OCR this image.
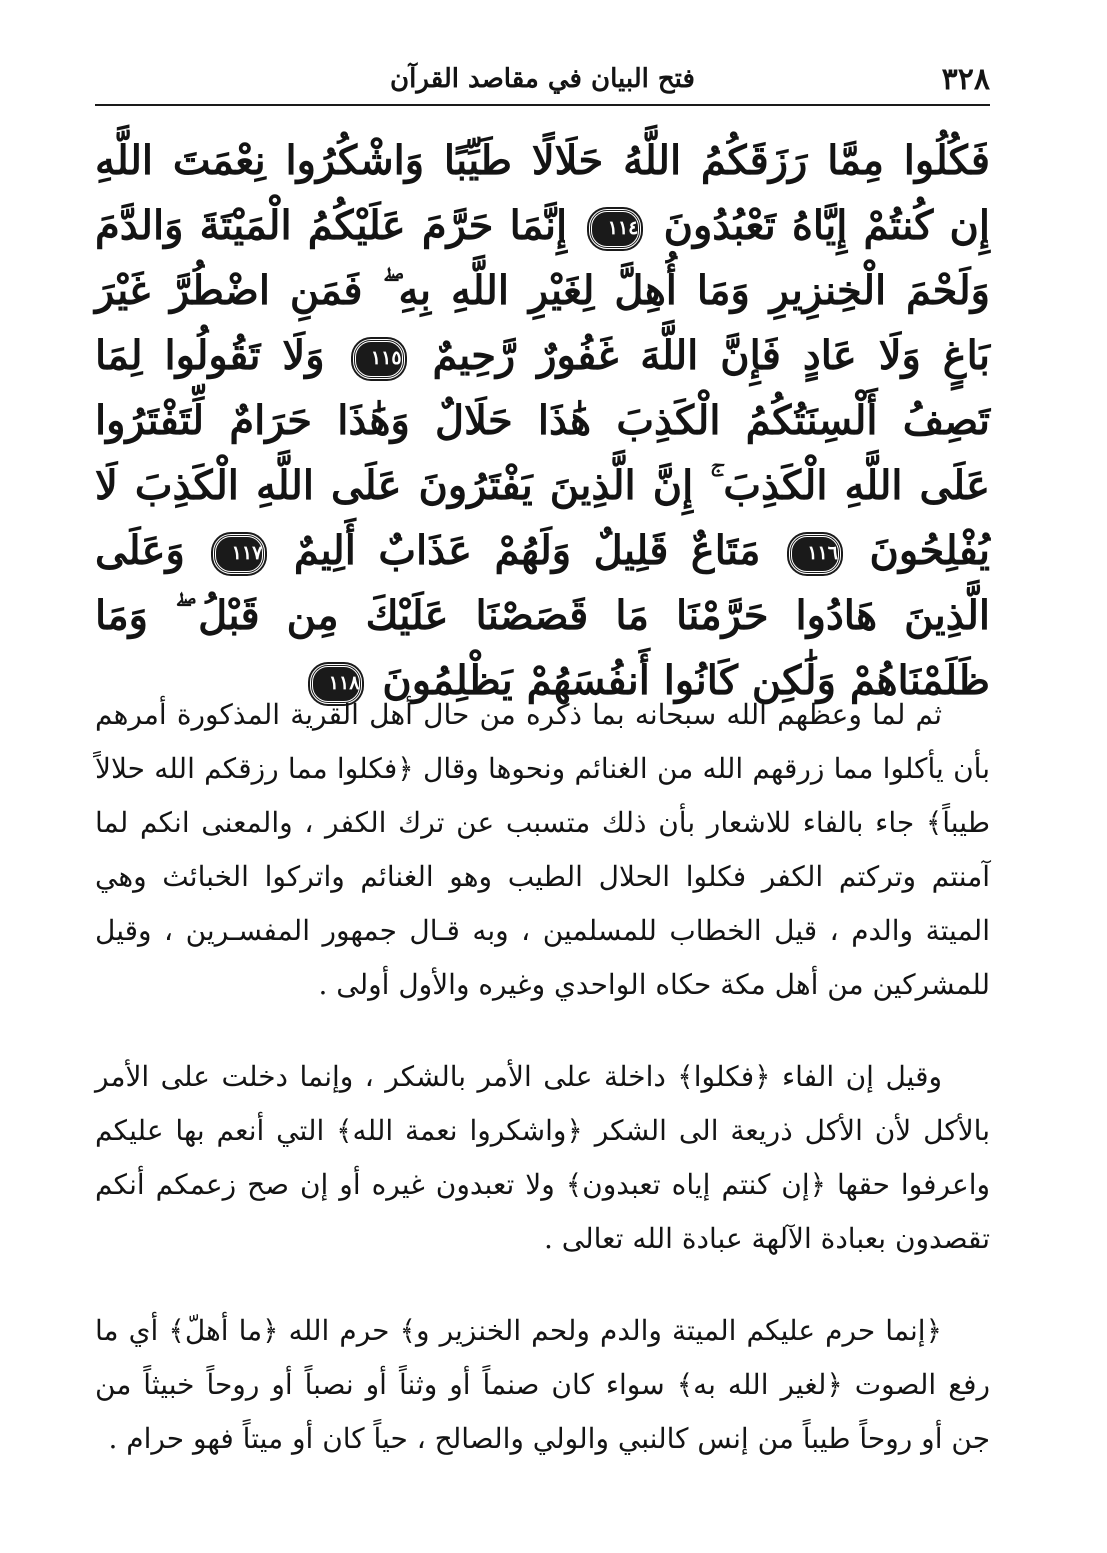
٣٢٨
فتح البيان في مقاصد القرآن
فَكُلُوا مِمَّا رَزَقَكُمُ اللَّهُ حَلَالًا طَيِّبًا وَاشْكُرُوا نِعْمَتَ اللَّهِ إِن كُنتُمْ إِيَّاهُ تَعْبُدُونَ ١١٤ إِنَّمَا حَرَّمَ عَلَيْكُمُ الْمَيْتَةَ وَالدَّمَ وَلَحْمَ الْخِنزِيرِ وَمَا أُهِلَّ لِغَيْرِ اللَّهِ بِهِ ۖ فَمَنِ اضْطُرَّ غَيْرَ بَاغٍ وَلَا عَادٍ فَإِنَّ اللَّهَ غَفُورٌ رَّحِيمٌ ١١٥ وَلَا تَقُولُوا لِمَا تَصِفُ أَلْسِنَتُكُمُ الْكَذِبَ هَٰذَا حَلَالٌ وَهَٰذَا حَرَامٌ لِّتَفْتَرُوا عَلَى اللَّهِ الْكَذِبَ ۚ إِنَّ الَّذِينَ يَفْتَرُونَ عَلَى اللَّهِ الْكَذِبَ لَا يُفْلِحُونَ ١١٦ مَتَاعٌ قَلِيلٌ وَلَهُمْ عَذَابٌ أَلِيمٌ ١١٧ وَعَلَى الَّذِينَ هَادُوا حَرَّمْنَا مَا قَصَصْنَا عَلَيْكَ مِن قَبْلُ ۖ وَمَا ظَلَمْنَاهُمْ وَلَٰكِن كَانُوا أَنفُسَهُمْ يَظْلِمُونَ ١١٨

ثم لما وعظهم الله سبحانه بما ذكره من حال أهل القرية المذكورة أمرهم بأن يأكلوا مما زرقهم الله من الغنائم ونحوها وقال ﴿فكلوا مما رزقكم الله حلالاً طيباً﴾ جاء بالفاء للاشعار بأن ذلك متسبب عن ترك الكفر ، والمعنى انكم لما آمنتم وتركتم الكفر فكلوا الحلال الطيب وهو الغنائم واتركوا الخبائث وهي الميتة والدم ، قيل الخطاب للمسلمين ، وبه قـال جمهور المفسـرين ، وقيل للمشركين من أهل مكة حكاه الواحدي وغيره والأول أولى .

وقيل إن الفاء ﴿فكلوا﴾ داخلة على الأمر بالشكر ، وإنما دخلت على الأمر بالأكل لأن الأكل ذريعة الى الشكر ﴿واشكروا نعمة الله﴾ التي أنعم بها عليكم واعرفوا حقها ﴿إن كنتم إياه تعبدون﴾ ولا تعبدون غيره أو إن صح زعمكم أنكم تقصدون بعبادة الآلهة عبادة الله تعالى .

﴿إنما حرم عليكم الميتة والدم ولحم الخنزير و﴾ حرم الله ﴿ما أهلّ﴾ أي ما رفع الصوت ﴿لغير الله به﴾ سواء كان صنماً أو وثناً أو نصباً أو روحاً خبيثاً من جن أو روحاً طيباً من إنس كالنبي والولي والصالح ، حياً كان أو ميتاً فهو حرام .
